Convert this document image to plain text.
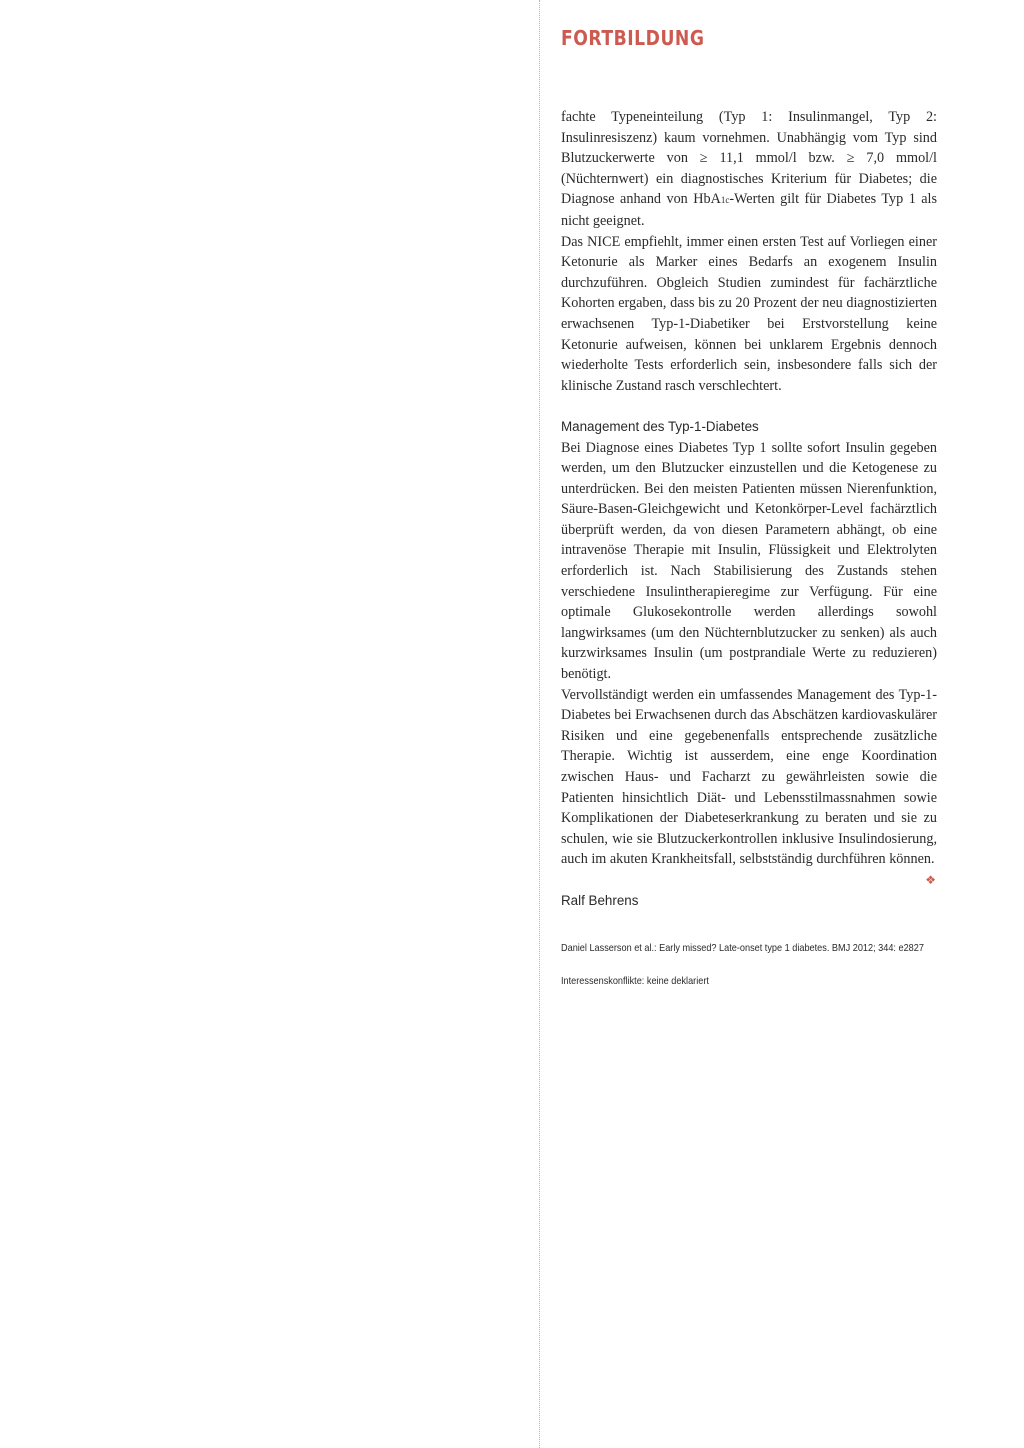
FORTBILDUNG

fachte Typeneinteilung (Typ 1: Insulinmangel, Typ 2: Insulinresiszenz) kaum vornehmen. Unabhängig vom Typ sind Blutzuckerwerte von ≥ 11,1 mmol/l bzw. ≥ 7,0 mmol/l (Nüchternwert) ein diagnostisches Kriterium für Diabetes; die Diagnose anhand von HbA1c-Werten gilt für Diabetes Typ 1 als nicht geeignet.

Das NICE empfiehlt, immer einen ersten Test auf Vorliegen einer Ketonurie als Marker eines Bedarfs an exogenem Insulin durchzuführen. Obgleich Studien zumindest für fachärztliche Kohorten ergaben, dass bis zu 20 Prozent der neu diagnostizierten erwachsenen Typ-1-Diabetiker bei Erstvorstellung keine Ketonurie aufweisen, können bei unklarem Ergebnis dennoch wiederholte Tests erforderlich sein, insbesondere falls sich der klinische Zustand rasch verschlechtert.

Management des Typ-1-Diabetes

Bei Diagnose eines Diabetes Typ 1 sollte sofort Insulin gegeben werden, um den Blutzucker einzustellen und die Ketogenese zu unterdrücken. Bei den meisten Patienten müssen Nierenfunktion, Säure-Basen-Gleichgewicht und Ketonkörper-Level fachärztlich überprüft werden, da von diesen Parametern abhängt, ob eine intravenöse Therapie mit Insulin, Flüssigkeit und Elektrolyten erforderlich ist. Nach Stabilisierung des Zustands stehen verschiedene Insulintherapieregime zur Verfügung. Für eine optimale Glukosekontrolle werden allerdings sowohl langwirksames (um den Nüchternblutzucker zu senken) als auch kurzwirksames Insulin (um postprandiale Werte zu reduzieren) benötigt.

Vervollständigt werden ein umfassendes Management des Typ-1-Diabetes bei Erwachsenen durch das Abschätzen kardiovaskulärer Risiken und eine gegebenenfalls entsprechende zusätzliche Therapie. Wichtig ist ausserdem, eine enge Koordination zwischen Haus- und Facharzt zu gewährleisten sowie die Patienten hinsichtlich Diät- und Lebensstilmassnahmen sowie Komplikationen der Diabeteserkrankung zu beraten und sie zu schulen, wie sie Blutzuckerkontrollen inklusive Insulindosierung, auch im akuten Krankheitsfall, selbstständig durchführen können.
❖

Ralf Behrens

Daniel Lasserson et al.: Early missed? Late-onset type 1 diabetes. BMJ 2012; 344: e2827

Interessenskonflikte: keine deklariert
